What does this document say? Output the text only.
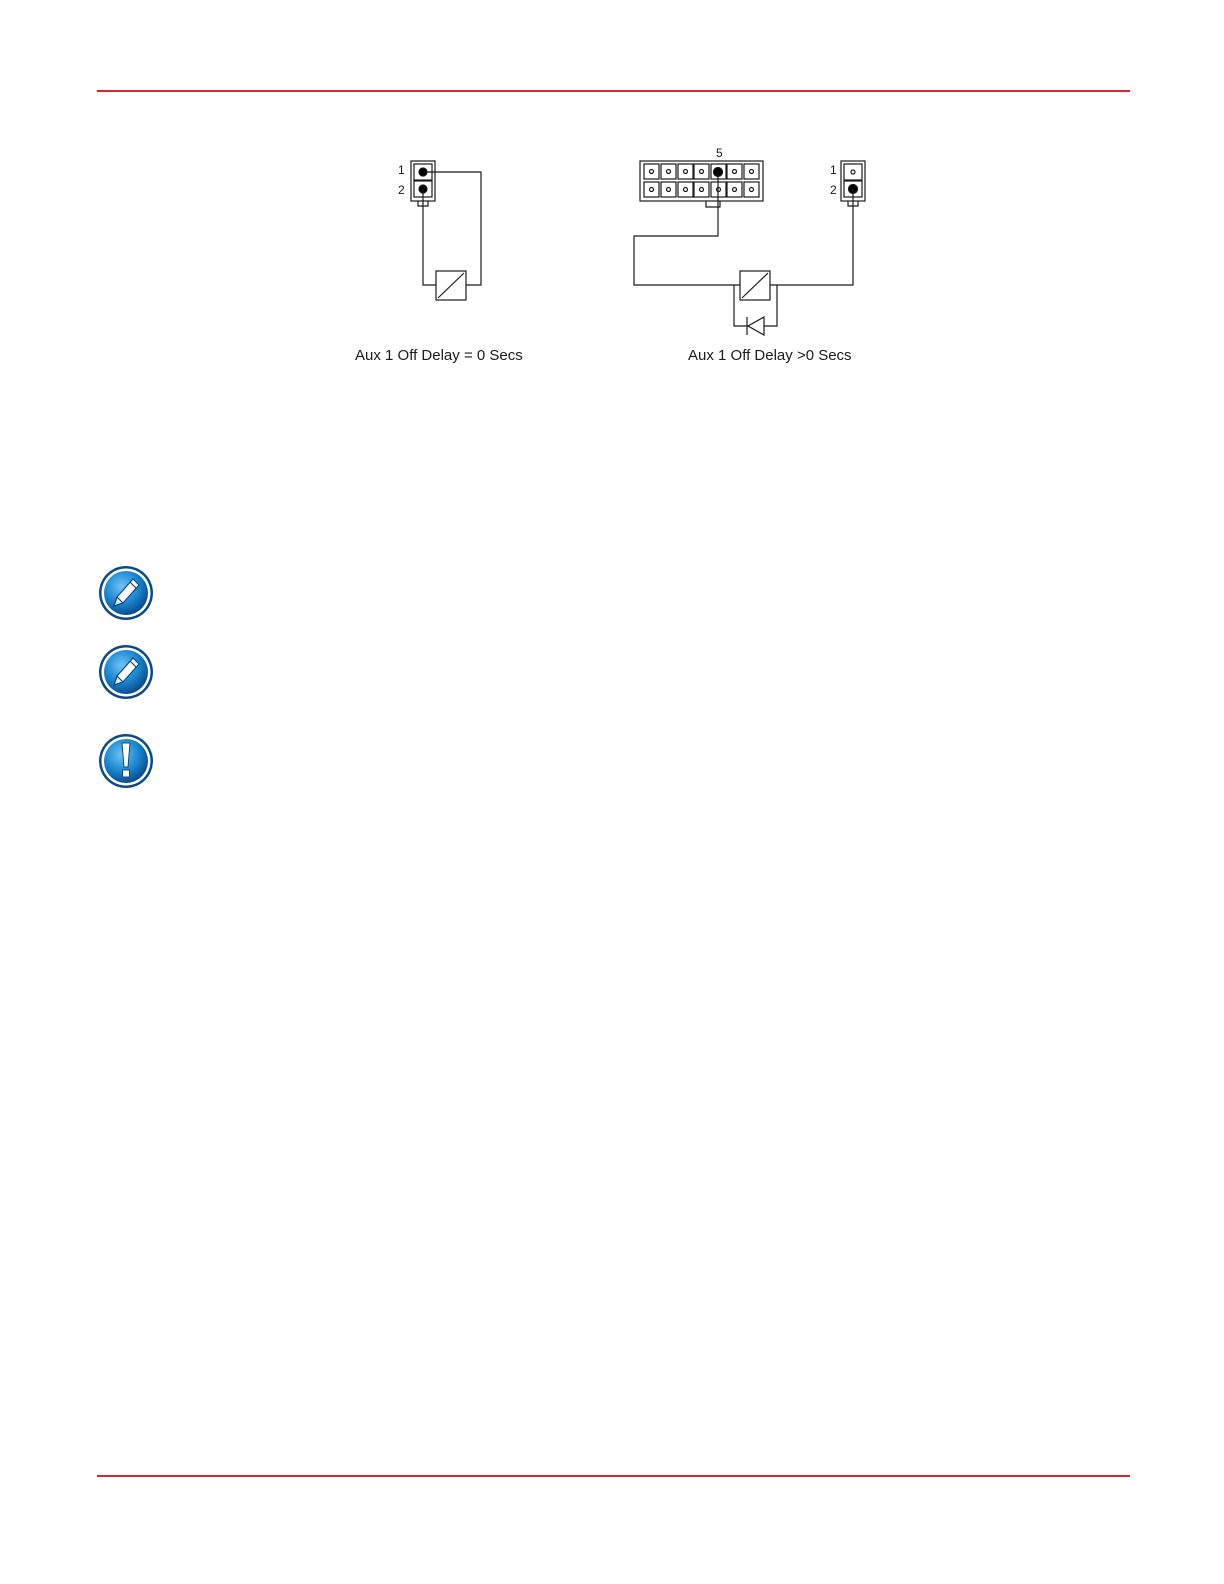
1
2
Aux 1 Off Delay = 0 Secs
5
1
2
Aux 1 Off Delay >0 Secs
